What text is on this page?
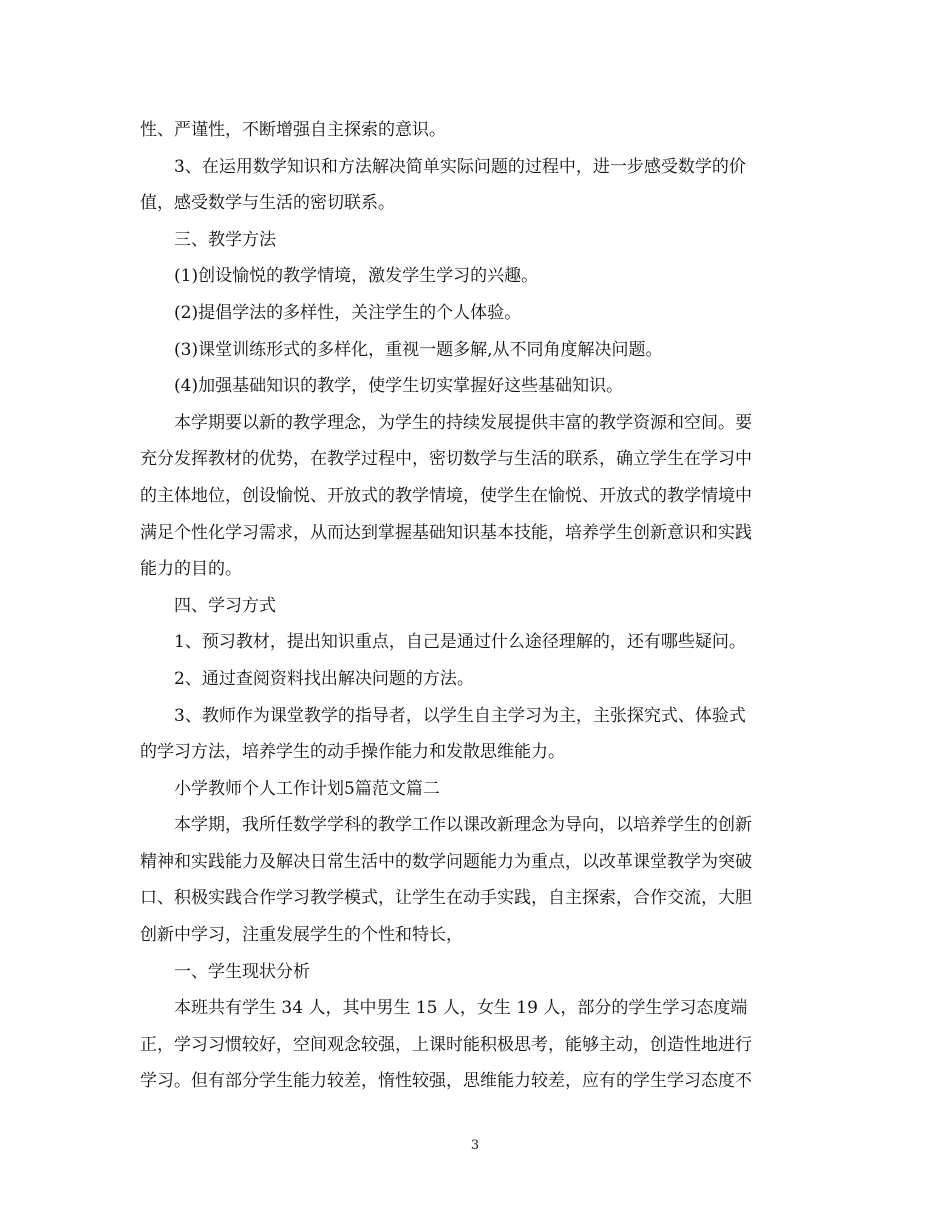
性、严谨性，不断增强自主探索的意识。
3、在运用数学知识和方法解决简单实际问题的过程中，进一步感受数学的价
值，感受数学与生活的密切联系。
三、教学方法
(1)创设愉悦的教学情境，激发学生学习的兴趣。
(2)提倡学法的多样性，关注学生的个人体验。
(3)课堂训练形式的多样化，重视一题多解,从不同角度解决问题。
(4)加强基础知识的教学，使学生切实掌握好这些基础知识。
本学期要以新的教学理念，为学生的持续发展提供丰富的教学资源和空间。要
充分发挥教材的优势，在教学过程中，密切数学与生活的联系，确立学生在学习中
的主体地位，创设愉悦、开放式的教学情境，使学生在愉悦、开放式的教学情境中
满足个性化学习需求，从而达到掌握基础知识基本技能，培养学生创新意识和实践
能力的目的。
四、学习方式
1、预习教材，提出知识重点，自己是通过什么途径理解的，还有哪些疑问。
2、通过查阅资料找出解决问题的方法。
3、教师作为课堂教学的指导者，以学生自主学习为主，主张探究式、体验式
的学习方法，培养学生的动手操作能力和发散思维能力。
小学教师个人工作计划5篇范文篇二
本学期，我所任数学学科的教学工作以课改新理念为导向，以培养学生的创新
精神和实践能力及解决日常生活中的数学问题能力为重点，以改革课堂教学为突破
口、积极实践合作学习教学模式，让学生在动手实践，自主探索，合作交流，大胆
创新中学习，注重发展学生的个性和特长，
一、学生现状分析
本班共有学生 34 人，其中男生 15 人，女生 19 人，部分的学生学习态度端
正，学习习惯较好，空间观念较强，上课时能积极思考，能够主动，创造性地进行
学习。但有部分学生能力较差，惰性较强，思维能力较差，应有的学生学习态度不
3
